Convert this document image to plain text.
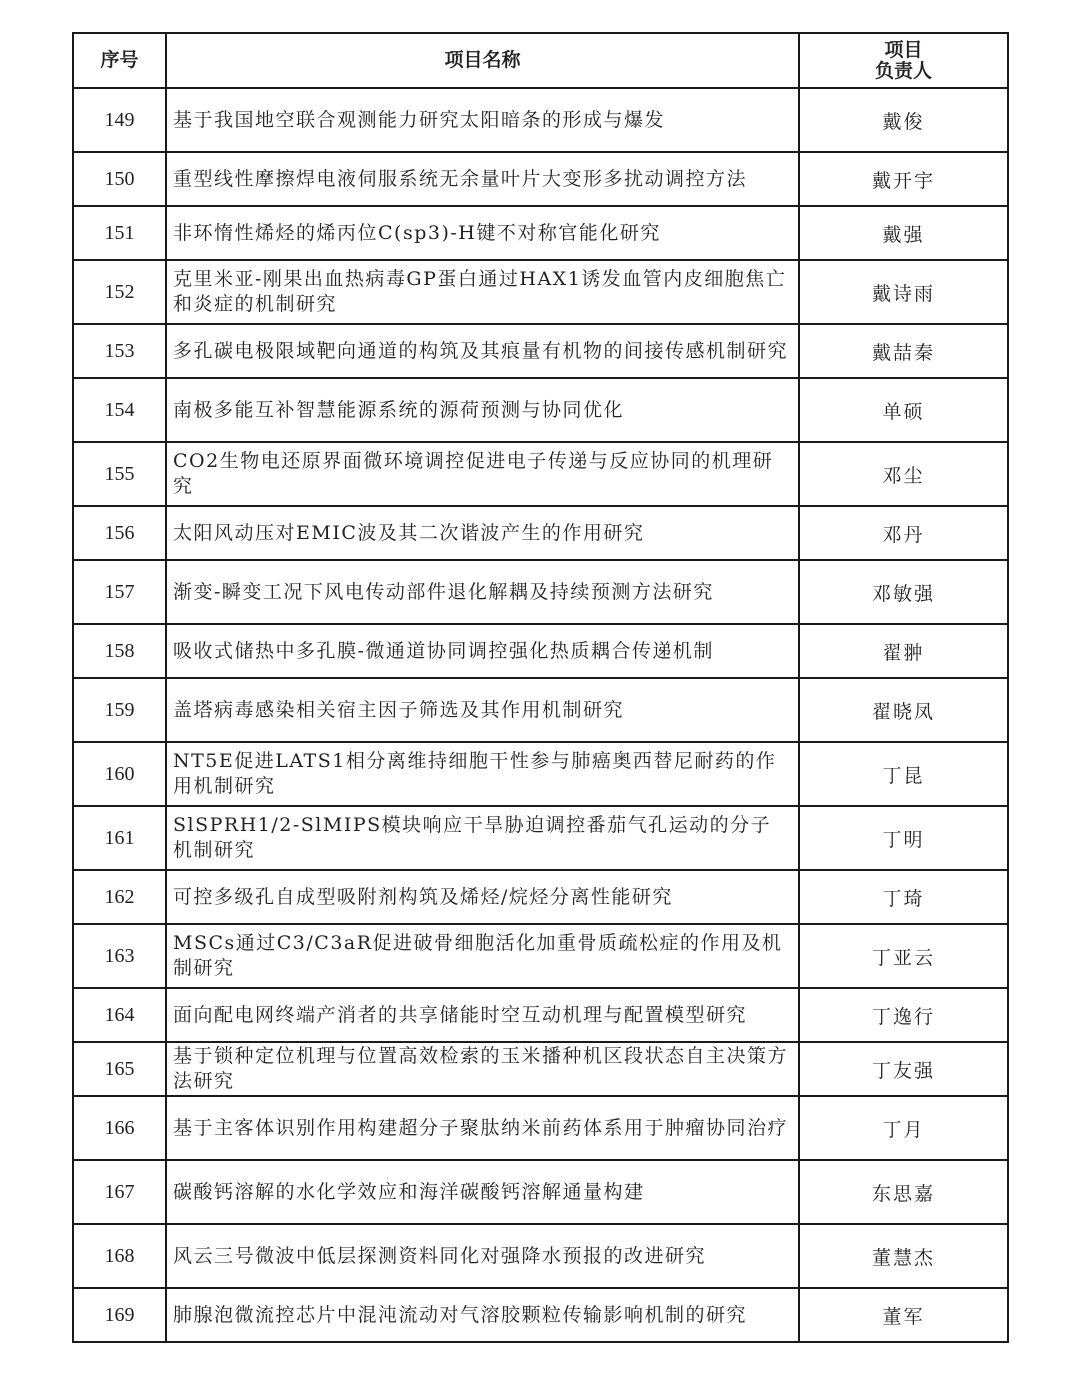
序号	项目名称	项目
负责人

149	基于我国地空联合观测能力研究太阳暗条的形成与爆发	戴俊
150	重型线性摩擦焊电液伺服系统无余量叶片大变形多扰动调控方法	戴开宇
151	非环惰性烯烃的烯丙位C(sp3)-H键不对称官能化研究	戴强
152	克里米亚-刚果出血热病毒GP蛋白通过HAX1诱发血管内皮细胞焦亡和炎症的机制研究	戴诗雨
153	多孔碳电极限域靶向通道的构筑及其痕量有机物的间接传感机制研究	戴喆秦
154	南极多能互补智慧能源系统的源荷预测与协同优化	单硕
155	CO2生物电还原界面微环境调控促进电子传递与反应协同的机理研究	邓尘
156	太阳风动压对EMIC波及其二次谐波产生的作用研究	邓丹
157	渐变-瞬变工况下风电传动部件退化解耦及持续预测方法研究	邓敏强
158	吸收式储热中多孔膜-微通道协同调控强化热质耦合传递机制	翟翀
159	盖塔病毒感染相关宿主因子筛选及其作用机制研究	翟晓凤
160	NT5E促进LATS1相分离维持细胞干性参与肺癌奥西替尼耐药的作用机制研究	丁昆
161	SlSPRH1/2-SlMIPS模块响应干旱胁迫调控番茄气孔运动的分子机制研究	丁明
162	可控多级孔自成型吸附剂构筑及烯烃/烷烃分离性能研究	丁琦
163	MSCs通过C3/C3aR促进破骨细胞活化加重骨质疏松症的作用及机制研究	丁亚云
164	面向配电网终端产消者的共享储能时空互动机理与配置模型研究	丁逸行
165	基于锁种定位机理与位置高效检索的玉米播种机区段状态自主决策方法研究	丁友强
166	基于主客体识别作用构建超分子聚肽纳米前药体系用于肿瘤协同治疗	丁月
167	碳酸钙溶解的水化学效应和海洋碳酸钙溶解通量构建	东思嘉
168	风云三号微波中低层探测资料同化对强降水预报的改进研究	董慧杰
169	肺腺泡微流控芯片中混沌流动对气溶胶颗粒传输影响机制的研究	董军
